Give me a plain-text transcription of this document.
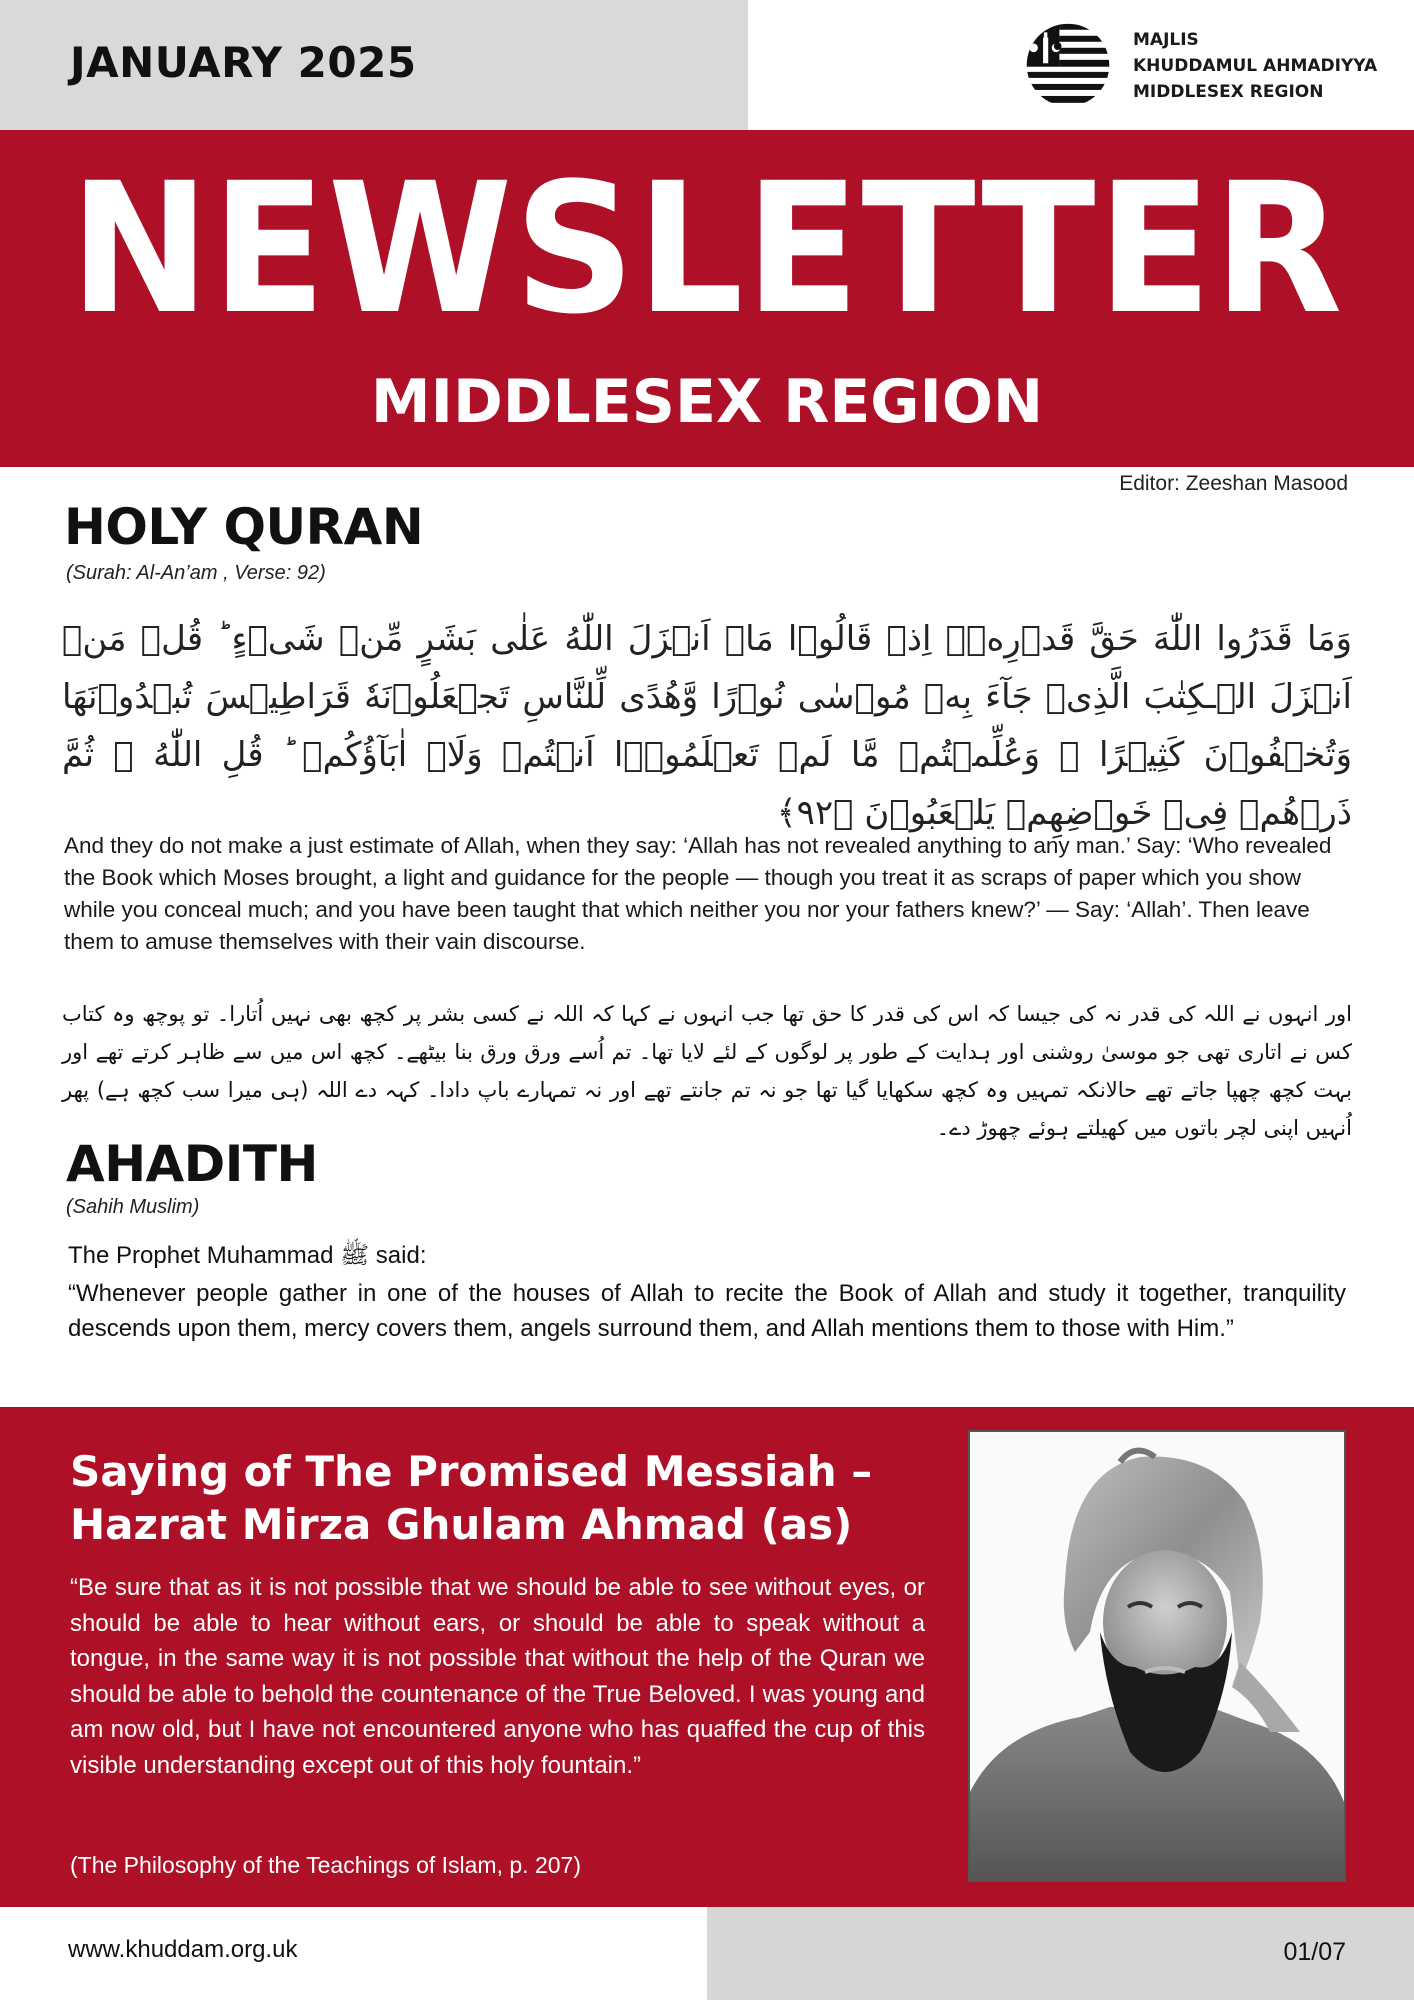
JANUARY 2025	MAJLIS
KHUDDAMUL AHMADIYYA
MIDDLESEX REGION
NEWSLETTER
MIDDLESEX REGION
Editor: Zeeshan Masood
HOLY QURAN
(Surah: Al-An’am , Verse: 92)
وَمَا قَدَرُوا اللّٰهَ حَقَّ قَدۡرِهٖۤ اِذۡ قَالُوۡا مَاۤ اَنۡزَلَ اللّٰهُ عَلٰى بَشَرٍ مِّنۡ شَىۡءٍ ؕ قُلۡ مَنۡ اَنۡزَلَ الۡـكِتٰبَ الَّذِىۡ جَآءَ بِهٖ مُوۡسٰى نُوۡرًا وَّهُدًى لِّلنَّاسِ تَجۡعَلُوۡنَهٗ قَرَاطِيۡسَ تُبۡدُوۡنَهَا وَتُخۡفُوۡنَ كَثِيۡرًا ‌ۚ وَعُلِّمۡتُمۡ مَّا لَمۡ تَعۡلَمُوۡۤا اَنۡتُمۡ وَلَاۤ اٰبَآؤُكُمۡ‌ ؕ قُلِ اللّٰهُ‌ ۙ ثُمَّ ذَرۡهُمۡ فِىۡ خَوۡضِهِمۡ يَلۡعَبُوۡنَ ﴿۹۲﴾
And they do not make a just estimate of Allah, when they say: ‘Allah has not revealed anything to any man.’ Say: ‘Who revealed the Book which Moses brought, a light and guidance for the people — though you treat it as scraps of paper which you show while you conceal much; and you have been taught that which neither you nor your fathers knew?’ — Say: ‘Allah’. Then leave them to amuse themselves with their vain discourse.
اور انہوں نے اللہ کی قدر نہ کی جیسا کہ اس کی قدر کا حق تھا جب انہوں نے کہا کہ اللہ نے کسی بشر پر کچھ بھی نہیں اُتارا۔ تو پوچھ وہ کتاب کس نے اتاری تھی جو موسیٰ روشنی اور ہدایت کے طور پر لوگوں کے لئے لایا تھا۔ تم اُسے ورق ورق بنا بیٹھے۔ کچھ اس میں سے ظاہر کرتے تھے اور بہت کچھ چھپا جاتے تھے حالانکہ تمہیں وہ کچھ سکھایا گیا تھا جو نہ تم جانتے تھے اور نہ تمہارے باپ دادا۔ کہہ دے اللہ (ہی میرا سب کچھ ہے) پھر اُنہیں اپنی لچر باتوں میں کھیلتے ہوئے چھوڑ دے۔
AHADITH
(Sahih Muslim)
The Prophet Muhammad ﷺ said:
“Whenever people gather in one of the houses of Allah to recite the Book of Allah and study it together, tranquility descends upon them, mercy covers them, angels surround them, and Allah mentions them to those with Him.”
Saying of The Promised Messiah –
Hazrat Mirza Ghulam Ahmad (as)
“Be sure that as it is not possible that we should be able to see without eyes, or should be able to hear without ears, or should be able to speak without a tongue, in the same way it is not possible that without the help of the Quran we should be able to behold the countenance of the True Beloved. I was young and am now old, but I have not encountered anyone who has quaffed the cup of this visible understanding except out of this holy fountain.”
(The Philosophy of the Teachings of Islam, p. 207)
www.khuddam.org.uk	01/07
